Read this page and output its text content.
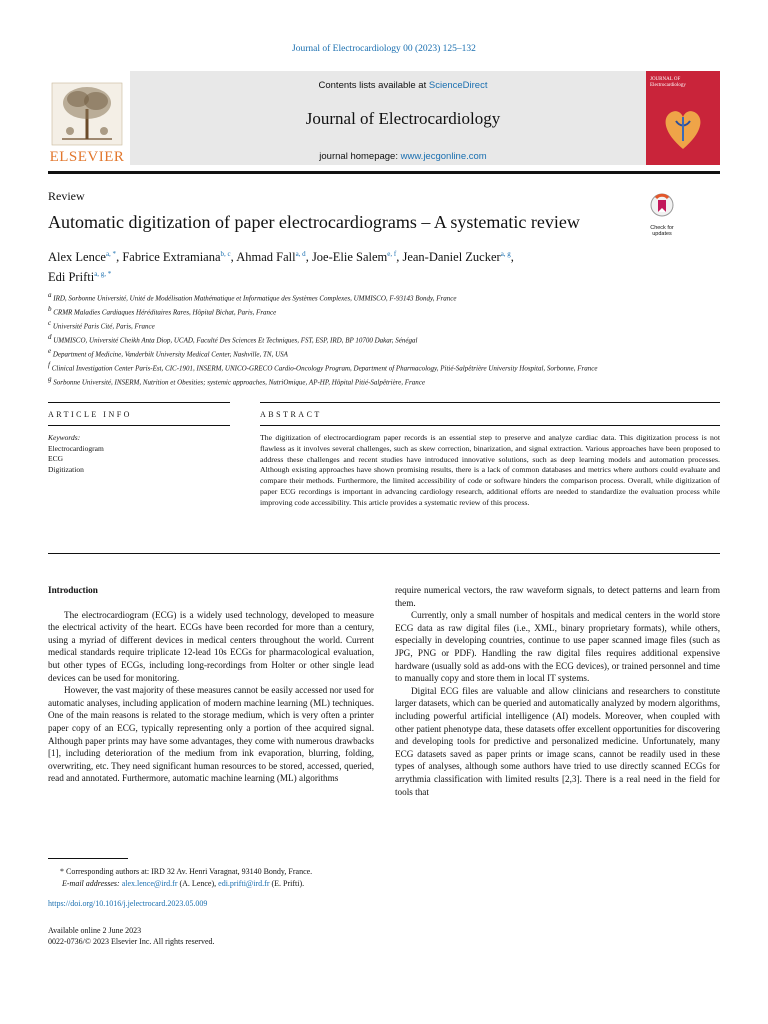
Journal of Electrocardiology 00 (2023) 125–132
ELSEVIER
Contents lists available at ScienceDirect
Journal of Electrocardiology
journal homepage: www.jecgonline.com
JOURNAL OF Electrocardiology
Review
Automatic digitization of paper electrocardiograms – A systematic review	Check for updates
Alex Lence$^{a, *}$, Fabrice Extramiana$^{b, c}$, Ahmad Fall$^{a, d}$, Joe-Elie Salem$^{e, f}$, Jean-Daniel Zucker$^{a, g}$,
Edi Prifti$^{a, g, *}$
$^a$ IRD, Sorbonne Université, Unité de Modélisation Mathématique et Informatique des Systèmes Complexes, UMMISCO, F-93143 Bondy, France
$^b$ CRMR Maladies Cardiaques Héréditaires Rares, Hôpital Bichat, Paris, France
$^c$ Université Paris Cité, Paris, France
$^d$ UMMISCO, Université Cheikh Anta Diop, UCAD, Faculté Des Sciences Et Techniques, FST, ESP, IRD, BP 10700 Dakar, Sénégal
$^e$ Department of Medicine, Vanderbilt University Medical Center, Nashville, TN, USA
$^f$ Clinical Investigation Center Paris-Est, CIC-1901, INSERM, UNICO-GRECO Cardio-Oncology Program, Department of Pharmacology, Pitié-Salpêtrière University Hospital, Sorbonne, France
$^g$ Sorbonne Université, INSERM, Nutrition et Obesities; systemic approaches, NutriOmique, AP-HP, Hôpital Pitié-Salpêtrière, France
ARTICLE INFO	ABSTRACT
Keywords:
Electrocardiogram
ECG
Digitization
The digitization of electrocardiogram paper records is an essential step to preserve and analyze cardiac data. This digitization process is not flawless as it involves several challenges, such as skew correction, binarization, and signal extraction. Various approaches have been proposed to address these challenges and recent studies have introduced innovative solutions, such as deep learning models and automation processes. Although existing approaches have shown promising results, there is a lack of common databases and metrics where authors could evaluate and compare their methods. Furthermore, the limited accessibility of code or software hinders the comparison process. Overall, while digitization of paper ECG recordings is important in advancing cardiology research, additional efforts are needed to standardize the evaluation process while improving code accessibility. This article provides a systematic review of this process.
Introduction

The electrocardiogram (ECG) is a widely used technology, developed to measure the electrical activity of the heart. ECGs have been recorded for more than a century, using a myriad of different devices in medical centers throughout the world. Current medical standards require triplicate 12-lead 10s ECGs for pharmacological evaluation, but other types of ECGs, including long-recordings from Holter or other single lead devices can be used for monitoring.

However, the vast majority of these measures cannot be easily accessed nor used for automatic analyses, including application of modern machine learning (ML) techniques. One of the main reasons is related to the storage medium, which is very often a printer paper copy of an ECG, typically representing only a portion of thee acquired signal. Although paper prints may have some advantages, they come with numerous drawbacks [1], including deterioration of the medium from ink evaporation, blurring, folding, overwriting, etc. They need significant human resources to be stored, accessed, queried, read and annotated. Furthermore, automatic machine learning (ML) algorithms

require numerical vectors, the raw waveform signals, to detect patterns and learn from them.

Currently, only a small number of hospitals and medical centers in the world store ECG data as raw digital files (i.e., XML, binary proprietary formats), while others, especially in developing countries, continue to use paper scanned image files (such as JPG, PNG or PDF). Handling the raw digital files requires additional expensive hardware (usually sold as add-ons with the ECG devices), or trained personnel and time to manually copy and store them in local IT systems.

Digital ECG files are valuable and allow clinicians and researchers to constitute larger datasets, which can be queried and automatically analyzed by modern algorithms, including powerful artificial intelligence (AI) models. Moreover, when coupled with other patient phenotype data, these datasets offer excellent opportunities for discovering and developing tools for predictive and personalized medicine. Unfortunately, many ECG datasets saved as paper prints or image scans, cannot be readily used in these types of analyses, although some authors have tried to use directly scanned ECGs for arrythmia classification with limited results [2,3]. There is a real need in the field for tools that

* Corresponding authors at: IRD 32 Av. Henri Varagnat, 93140 Bondy, France.
E-mail addresses: alex.lence@ird.fr (A. Lence), edi.prifti@ird.fr (E. Prifti).
https://doi.org/10.1016/j.jelectrocard.2023.05.009
Available online 2 June 2023
0022-0736/© 2023 Elsevier Inc. All rights reserved.
